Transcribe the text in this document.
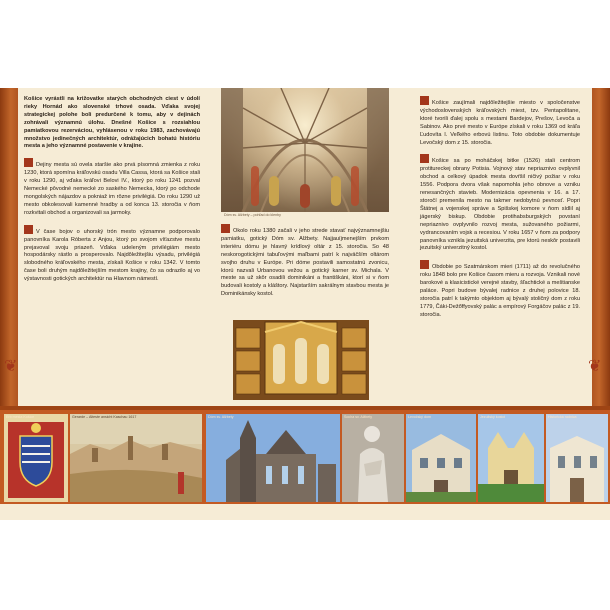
Košice vyrástli na križovatke starých obchodných ciest v údolí rieky Hornád ako slovenské trhové osada. Vďaka svojej strategickej polohe boli predurčené k tomu, aby v dejinách zohrávali významnú úlohu. Dnešné Košice s rozsiahlou pamiatkovou rezerváciou, vyhlásenou v roku 1983, zachovávajú množstvo jedinečných architektúr, odrážajúcich bohatú históriu mesta a jeho významné postavenie v krajine.

Dejiny mesta sú ovela staršie ako prvá písomná zmienka z roku 1230, ktorá spomína kráľovskú osadu Villa Cassa, ktorá sa Košice stali v roku 1290, aj vďaka kráľovi Belovi IV., ktorý po roku 1241 pozval Nemecké pôvodné nemecké zo saského Nemecka, ktorý po odchode mongolských nájazdov a pokniaž im rôzne privilégiá. Do roku 1290 už mesto obkolesovali kamenné hradby a od konca 13. storočia v ňom rozkvitali obchod a organizovali sa jarmoky.

V čase bojov o uhorský trón mesto významne podporovalo panovníka Karola Róberta z Anjou, ktorý po svojom víťazstve mestu prejavoval svoju priazeň. Vďaka udeleným privilégiám mesto hospodársky rástlo a prosperovalo. Najdôležitejšiu výsadu, privilégiá slobodného kráľovského mesta, získali Košice v roku 1342. V tomto čase boli druhým najdôležitejším mestom krajiny, čo sa odrazilo aj vo výstavnosti gotických architektúr na Hlavnom námestí.

❦
Dóm sv. Alžbety – pohľad do klenby

Okolo roku 1380 začali v jeho strede stavať najvýznamnejšiu pamiatku, gotický Dóm sv. Alžbety. Najjauíjmenejším prvkom interiéru dómu je hlavný krídlový oltár z 15. storočia. So 48 neskorogotickými tabuľovými maľbami patrí k najväčším oltárom svojho druhu v Európe. Pri dóme postavili samostatnú zvonicu, ktorú nazvali Urbanovou vežou a gotický karner sv. Michala. V meste sa už skôr osadili dominikáni a františkáni, ktorí si v ňom budovali kostoly a kláštory. Najstarším sakrálnym stavbou mesta je Dominikánsky kostol.

Košice zaujímali najdôležitejšie miesto v spoločenstve východoslovenských kráľovských miest, tzv. Pentapolitane, ktoré tvorili ďalej spolu s mestami Bardejov, Prešov, Levoča a Sabinov. Ako prvé mesto v Európe získali v roku 1369 od kráľa Ľudovíta I. Veľkého erbovú listinu. Toto obdobie dokumentuje Levočský dom z 15. storočia.

Košice sa po moháčskej bitke (1526) stali centrom protitureckej obrany Potisia. Vojnový stav nepriaznivo ovplyvnil obchod a celkový úpadok mesta dovŕšil ničivý požiar v roku 1556. Podpora dvora však napomohla jeho obnove a vzniku renesančných stavieb. Modernizácia opevnenia v 16. a 17. storočí premenila mesto na takmer nedobytnú pevnosť. Popri Štátnej a vojenskej správe a Spišskej komore v ňom sídlil aj jágerský biskup. Obdobie protihabsburgských povstaní nepriaznivo ovplyvnilo rozvoj mesta, sužovaného požiarmi, vydrancovaním vojsk a recesiou. V roku 1657 v ňom za podpory panovníka vznikla jezuitská univerzita, pre ktorú neskôr postavili jezuitský univerzitný kostol.

Obdobie po Szatmárskom mieri (1711) až do revolučného roku 1848 bolo pre Košice časom mieru a rozvoja. Vznikali nové barokové a klasicistické verejné stavby, šľachtické a meštianske paláce. Popri budove bývalej radnice z druhej polovice 18. storočia patrí k takýmto objektom aj bývalý stoličný dom z roku 1779, Čáki-Dežőffyovský palác a empírový Forgáčov palác z 19. storočia.

❦
Erb mesta Košice	Gerarde – Alteste ansicht Kaschau 1617	Dóm sv. Alžbety	Socha sv. Alžbety	Levočský dom	Jezuitský kostol	Historická radnica
